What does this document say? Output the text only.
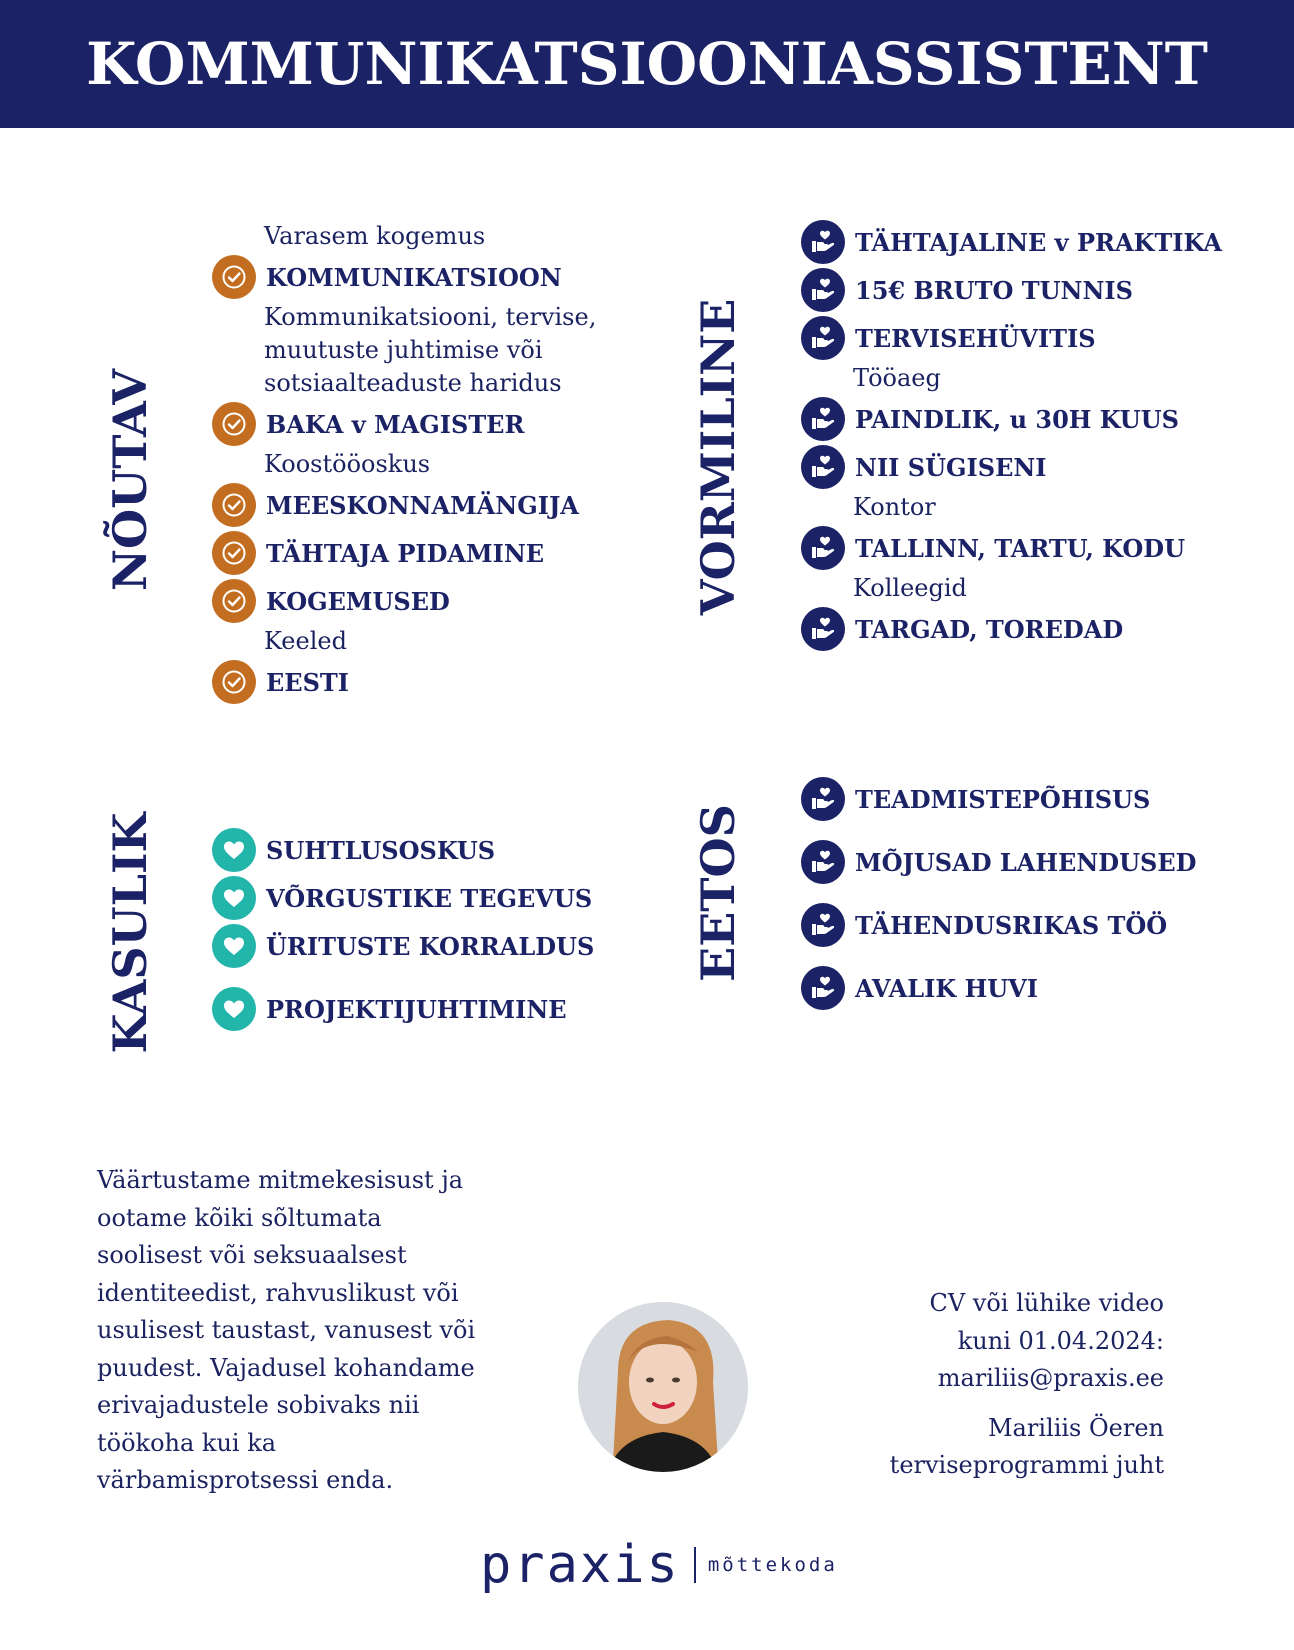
KOMMUNIKATSIOONIASSISTENT
NÕUTAV	VORMILINE
KASULIK	EETOS
Varasem kogemus
KOMMUNIKATSIOON
Kommunikatsiooni, tervise, muutuste juhtimise või sotsiaalteaduste haridus
BAKA v MAGISTER
Koostööoskus
MEESKONNAMÄNGIJA
TÄHTAJA PIDAMINE
KOGEMUSED
Keeled
EESTI
TÄHTAJALINE v PRAKTIKA
15€ BRUTO TUNNIS
TERVISEHÜVITIS
Tööaeg
PAINDLIK, u 30H KUUS
NII SÜGISENI
Kontor
TALLINN, TARTU, KODU
Kolleegid
TARGAD, TOREDAD
SUHTLUSOSKUS
VÕRGUSTIKE TEGEVUS
ÜRITUSTE KORRALDUS
PROJEKTIJUHTIMINE
TEADMISTEPÕHISUS
MÕJUSAD LAHENDUSED
TÄHENDUSRIKAS TÖÖ
AVALIK HUVI
Väärtustame mitmekesisust ja ootame kõiki sõltumata soolisest või seksuaalsest identiteedist, rahvuslikust või usulisest taustast, vanusest või puudest. Vajadusel kohandame erivajadustele sobivaks nii töökoha kui ka värbamisprotsessi enda.
CV või lühike video
kuni 01.04.2024:
mariliis@praxis.ee
Mariliis Öeren
terviseprogrammi juht
praxis mõttekoda
